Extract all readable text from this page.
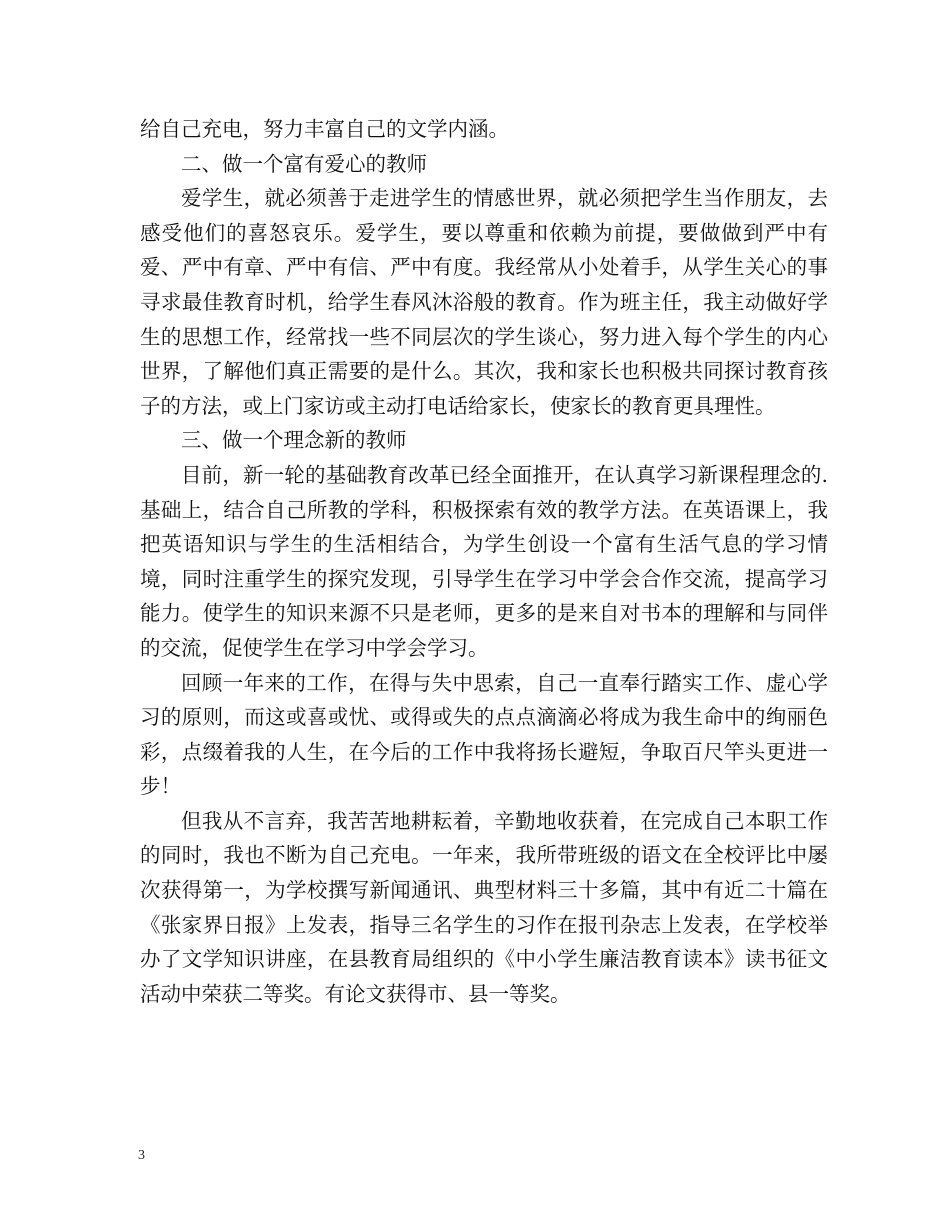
给自己充电，努力丰富自己的文学内涵。

二、做一个富有爱心的教师

爱学生，就必须善于走进学生的情感世界，就必须把学生当作朋友，去感受他们的喜怒哀乐。爱学生，要以尊重和依赖为前提，要做做到严中有爱、严中有章、严中有信、严中有度。我经常从小处着手，从学生关心的事寻求最佳教育时机，给学生春风沐浴般的教育。作为班主任，我主动做好学生的思想工作，经常找一些不同层次的学生谈心，努力进入每个学生的内心世界，了解他们真正需要的是什么。其次，我和家长也积极共同探讨教育孩子的方法，或上门家访或主动打电话给家长，使家长的教育更具理性。

三、做一个理念新的教师

目前，新一轮的基础教育改革已经全面推开，在认真学习新课程理念的.基础上，结合自己所教的学科，积极探索有效的教学方法。在英语课上，我把英语知识与学生的生活相结合，为学生创设一个富有生活气息的学习情境，同时注重学生的探究发现，引导学生在学习中学会合作交流，提高学习能力。使学生的知识来源不只是老师，更多的是来自对书本的理解和与同伴的交流，促使学生在学习中学会学习。

回顾一年来的工作，在得与失中思索，自己一直奉行踏实工作、虚心学习的原则，而这或喜或忧、或得或失的点点滴滴必将成为我生命中的绚丽色彩，点缀着我的人生，在今后的工作中我将扬长避短，争取百尺竿头更进一步！

但我从不言弃，我苦苦地耕耘着，辛勤地收获着，在完成自己本职工作的同时，我也不断为自己充电。一年来，我所带班级的语文在全校评比中屡次获得第一，为学校撰写新闻通讯、典型材料三十多篇，其中有近二十篇在《张家界日报》上发表，指导三名学生的习作在报刊杂志上发表，在学校举办了文学知识讲座，在县教育局组织的《中小学生廉洁教育读本》读书征文活动中荣获二等奖。有论文获得市、县一等奖。

3
